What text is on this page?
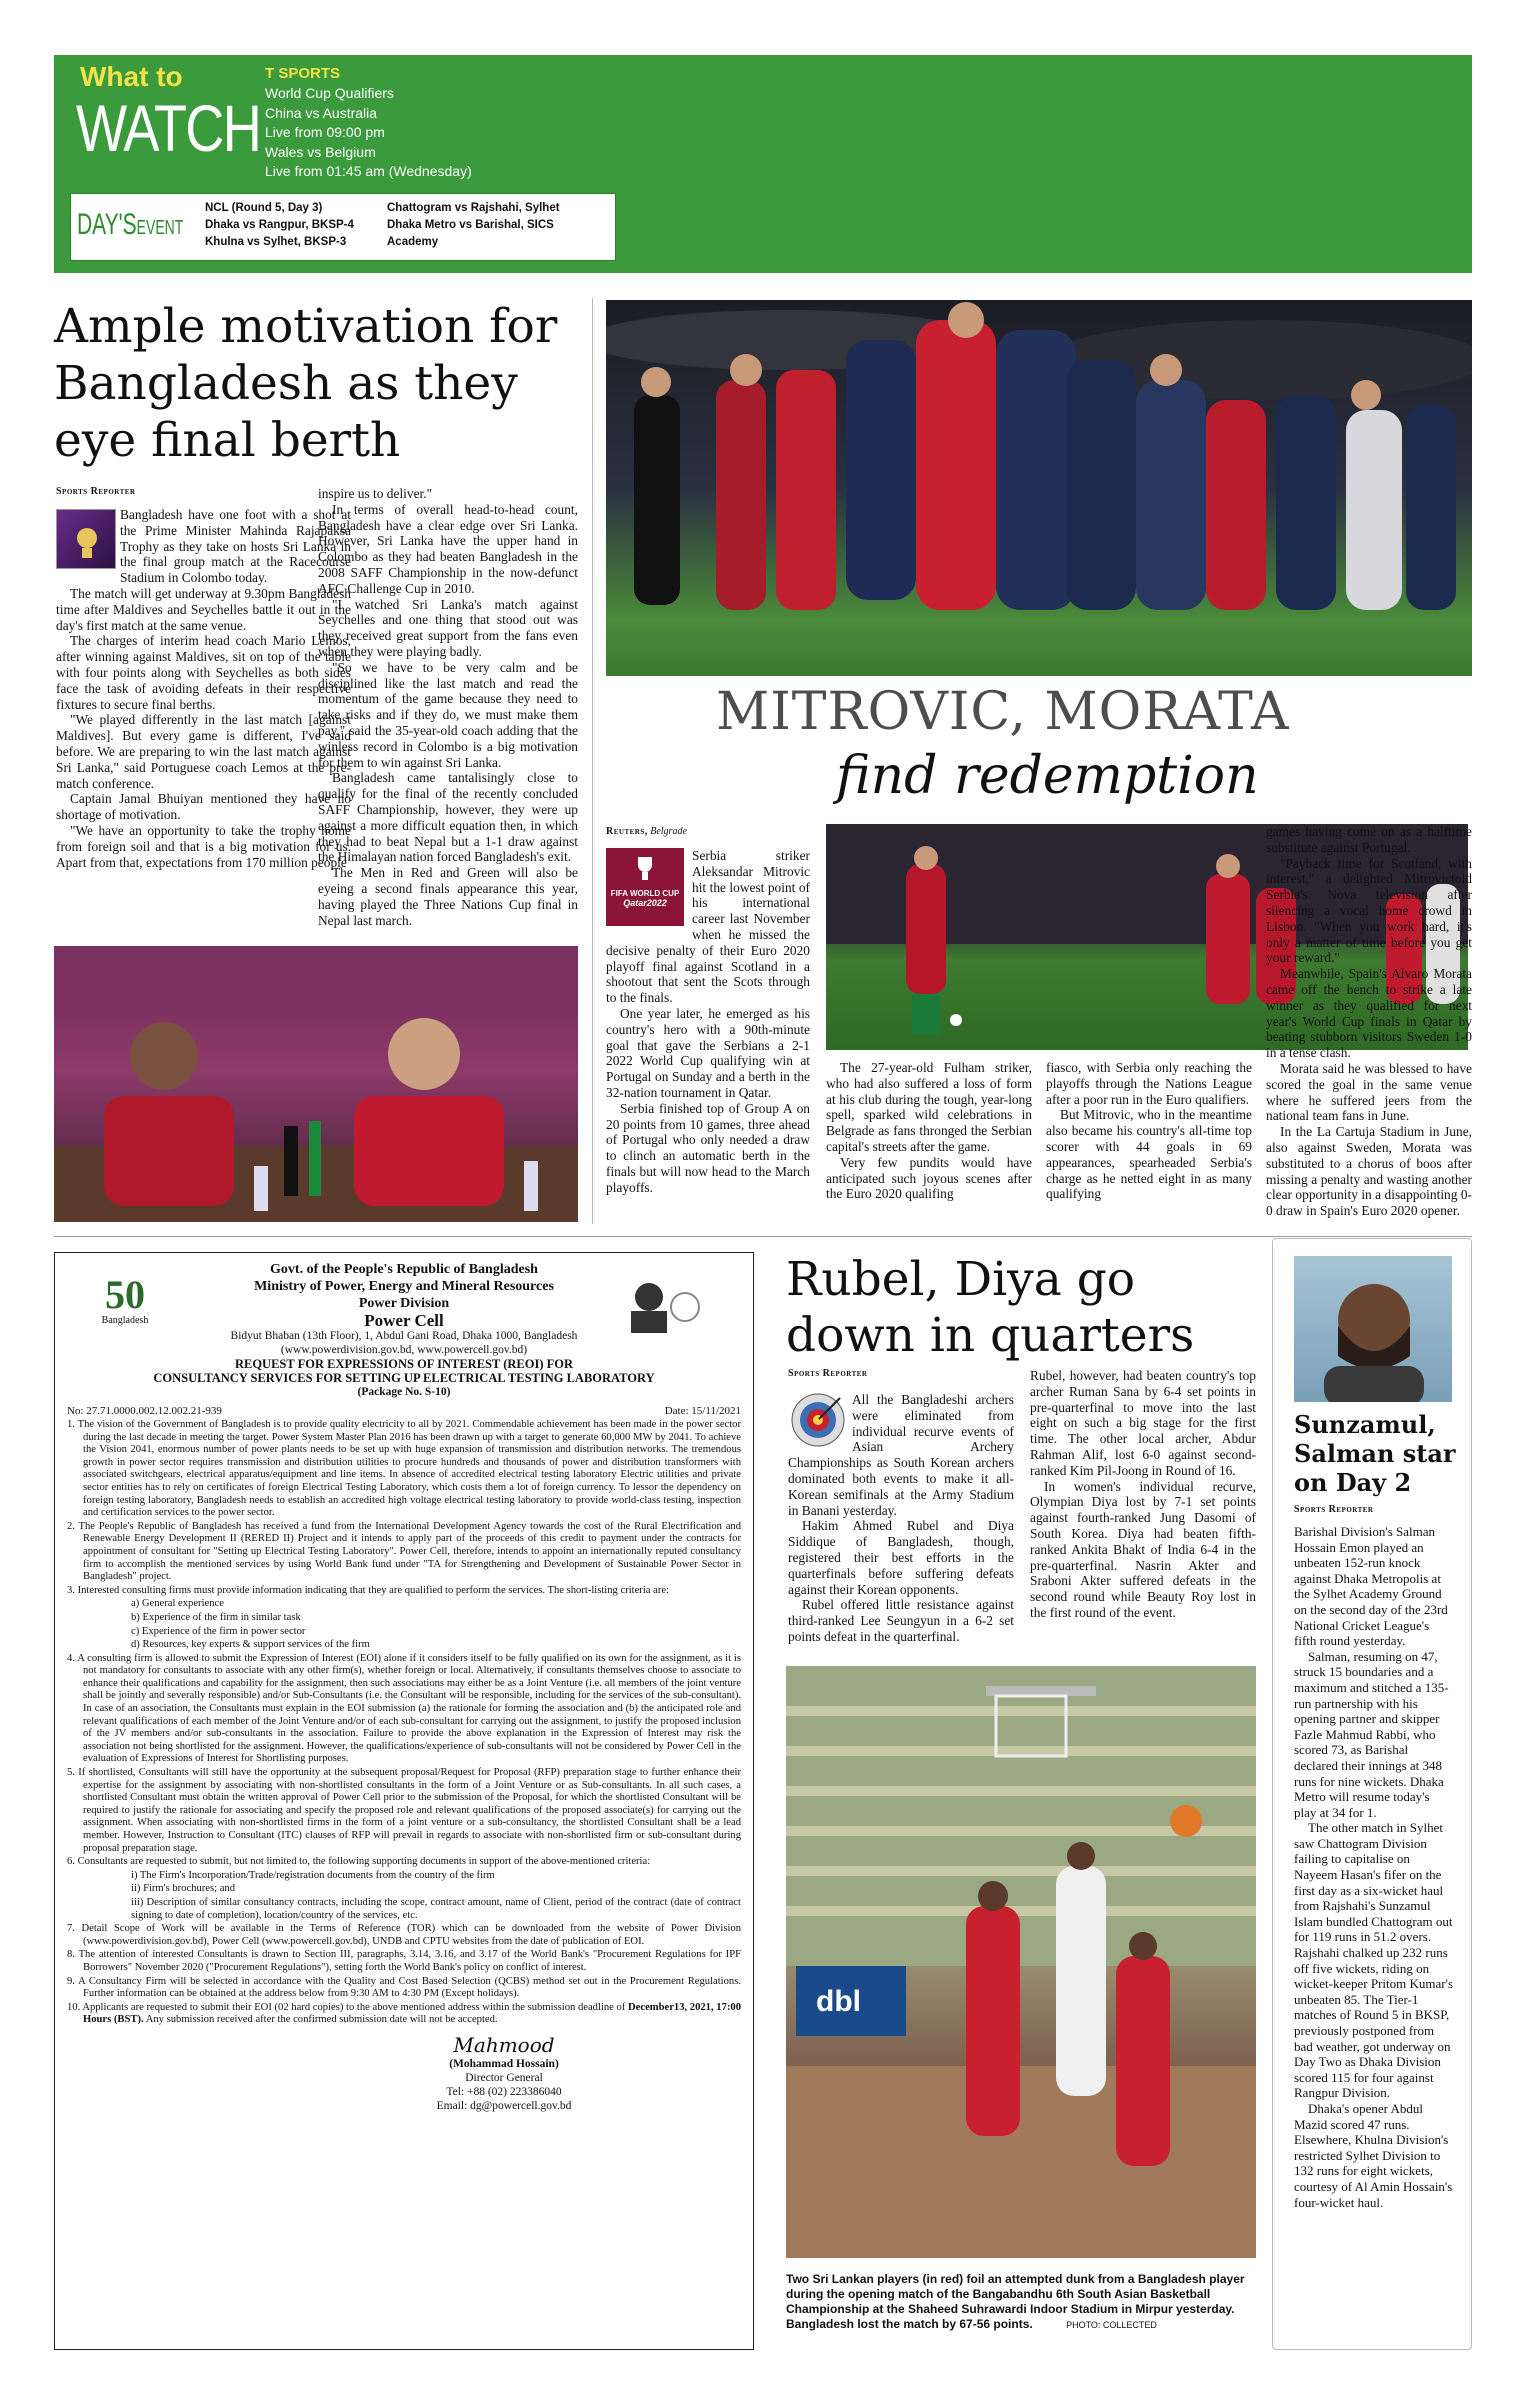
What to
WATCH
T SPORTS
World Cup Qualifiers
China vs Australia
Live from 09:00 pm
Wales vs Belgium
Live from 01:45 am (Wednesday)
DAY'SEVENT
NCL (Round 5, Day 3)
Dhaka vs Rangpur, BKSP-4
Khulna vs Sylhet, BKSP-3
Chattogram vs Rajshahi, Sylhet
Dhaka Metro vs Barishal, SICS
Academy
Ample motivation for Bangladesh as they eye final berth
Sports Reporter

Bangladesh have one foot with a shot at the Prime Minister Mahinda Rajapaksa Trophy as they take on hosts Sri Lanka in the final group match at the Racecourse Stadium in Colombo today.

The match will get underway at 9.30pm Bangladesh time after Maldives and Seychelles battle it out in the day's first match at the same venue.

The charges of interim head coach Mario Lemos, after winning against Maldives, sit on top of the table with four points along with Seychelles as both sides face the task of avoiding defeats in their respective fixtures to secure final berths.

"We played differently in the last match [against Maldives]. But every game is different, I've said before. We are preparing to win the last match against Sri Lanka," said Portuguese coach Lemos at the pre-match conference.

Captain Jamal Bhuiyan mentioned they have no shortage of motivation.

"We have an opportunity to take the trophy home from foreign soil and that is a big motivation for us. Apart from that, expectations from 170 million people

inspire us to deliver."

In terms of overall head-to-head count, Bangladesh have a clear edge over Sri Lanka. However, Sri Lanka have the upper hand in Colombo as they had beaten Bangladesh in the 2008 SAFF Championship in the now-defunct AFC Challenge Cup in 2010.

"I watched Sri Lanka's match against Seychelles and one thing that stood out was they received great support from the fans even when they were playing badly.

"So we have to be very calm and be disciplined like the last match and read the momentum of the game because they need to take risks and if they do, we must make them pay," said the 35-year-old coach adding that the winless record in Colombo is a big motivation for them to win against Sri Lanka.

Bangladesh came tantalisingly close to qualify for the final of the recently concluded SAFF Championship, however, they were up against a more difficult equation then, in which they had to beat Nepal but a 1-1 draw against the Himalayan nation forced Bangladesh's exit.

The Men in Red and Green will also be eyeing a second finals appearance this year, having played the Three Nations Cup final in Nepal last march.

MITROVIC, MORATA
find redemption
Reuters, Belgrade
FIFA WORLD CUP
Qatar2022

Serbia striker Aleksandar Mitrovic hit the lowest point of his international career last November when he missed the decisive penalty of their Euro 2020 playoff final against Scotland in a shootout that sent the Scots through to the finals.

One year later, he emerged as his country's hero with a 90th-minute goal that gave the Serbians a 2-1 2022 World Cup qualifying win at Portugal on Sunday and a berth in the 32-nation tournament in Qatar.

Serbia finished top of Group A on 20 points from 10 games, three ahead of Portugal who only needed a draw to clinch an automatic berth in the finals but will now head to the March playoffs.

The 27-year-old Fulham striker, who had also suffered a loss of form at his club during the tough, year-long spell, sparked wild celebrations in Belgrade as fans thronged the Serbian capital's streets after the game.

Very few pundits would have anticipated such joyous scenes after the Euro 2020 qualifing

fiasco, with Serbia only reaching the playoffs through the Nations League after a poor run in the Euro qualifiers.

But Mitrovic, who in the meantime also became his country's all-time top scorer with 44 goals in 69 appearances, spearheaded Serbia's charge as he netted eight in as many qualifying

games having come on as a halftime substitute against Portugal.

"Payback time for Scotland, with interest," a delighted Mitrovictold Serbia's Nova television after silencing a vocal home crowd in Lisbon. "When you work hard, it's only a matter of time before you get your reward."

Meanwhile, Spain's Alvaro Morata came off the bench to strike a late winner as they qualified for next year's World Cup finals in Qatar by beating stubborn visitors Sweden 1-0 in a tense clash.

Morata said he was blessed to have scored the goal in the same venue where he suffered jeers from the national team fans in June.

In the La Cartuja Stadium in June, also against Sweden, Morata was substituted to a chorus of boos after missing a penalty and wasting another clear opportunity in a disappointing 0-0 draw in Spain's Euro 2020 opener.

50
Bangladesh
Govt. of the People's Republic of Bangladesh
Ministry of Power, Energy and Mineral Resources
Power Division
Power Cell
Bidyut Bhaban (13th Floor), 1, Abdul Gani Road, Dhaka 1000, Bangladesh
(www.powerdivision.gov.bd, www.powercell.gov.bd)
REQUEST FOR EXPRESSIONS OF INTEREST (REOI) FOR
CONSULTANCY SERVICES FOR SETTING UP ELECTRICAL TESTING LABORATORY
(Package No. S-10)
No: 27.71.0000.002.12.002.21-939	Date: 15/11/2021

1. The vision of the Government of Bangladesh is to provide quality electricity to all by 2021. Commendable achievement has been made in the power sector during the last decade in meeting the target. Power System Master Plan 2016 has been drawn up with a target to generate 60,000 MW by 2041. To achieve the Vision 2041, enormous number of power plants needs to be set up with huge expansion of transmission and distribution networks. The tremendous growth in power sector requires transmission and distribution utilities to procure hundreds and thousands of power and distribution transformers with associated switchgears, electrical apparatus/equipment and line items. In absence of accredited electrical testing laboratory Electric utilities and private sector entities has to rely on certificates of foreign Electrical Testing Laboratory, which costs them a lot of foreign currency. To lessor the dependency on foreign testing laboratory, Bangladesh needs to establish an accredited high voltage electrical testing laboratory to provide world-class testing, inspection and certification services to the power sector.

2. The People's Republic of Bangladesh has received a fund from the International Development Agency towards the cost of the Rural Electrification and Renewable Energy Development II (RERED II) Project and it intends to apply part of the proceeds of this credit to payment under the contracts for appointment of consultant for "Setting up Electrical Testing Laboratory". Power Cell, therefore, intends to appoint an internationally reputed consultancy firm to accomplish the mentioned services by using World Bank fund under "TA for Strengthening and Development of Sustainable Power Sector in Bangladesh" project.

3. Interested consulting firms must provide information indicating that they are qualified to perform the services. The short-listing criteria are:

a) General experience

b) Experience of the firm in similar task

c) Experience of the firm in power sector

d) Resources, key experts & support services of the firm

4. A consulting firm is allowed to submit the Expression of Interest (EOI) alone if it considers itself to be fully qualified on its own for the assignment, as it is not mandatory for consultants to associate with any other firm(s), whether foreign or local. Alternatively, if consultants themselves choose to associate to enhance their qualifications and capability for the assignment, then such associations may either be as a Joint Venture (i.e. all members of the joint venture shall be jointly and severally responsible) and/or Sub-Consultants (i.e. the Consultant will be responsible, including for the services of the sub-consultant). In case of an association, the Consultants must explain in the EOI submission (a) the rationale for forming the association and (b) the anticipated role and relevant qualifications of each member of the Joint Venture and/or of each sub-consultant for carrying out the assignment, to justify the proposed inclusion of the JV members and/or sub-consultants in the association. Failure to provide the above explanation in the Expression of Interest may risk the association not being shortlisted for the assignment. However, the qualifications/experience of sub-consultants will not be considered by Power Cell in the evaluation of Expressions of Interest for Shortlisting purposes.

5. If shortlisted, Consultants will still have the opportunity at the subsequent proposal/Request for Proposal (RFP) preparation stage to further enhance their expertise for the assignment by associating with non-shortlisted consultants in the form of a Joint Venture or as Sub-consultants. In all such cases, a shortlisted Consultant must obtain the written approval of Power Cell prior to the submission of the Proposal, for which the shortlisted Consultant will be required to justify the rationale for associating and specify the proposed role and relevant qualifications of the proposed associate(s) for carrying out the assignment. When associating with non-shortlisted firms in the form of a joint venture or a sub-consultancy, the shortlisted Consultant shall be a lead member. However, Instruction to Consultant (ITC) clauses of RFP will prevail in regards to associate with non-shortlisted firm or sub-consultant during proposal preparation stage.

6. Consultants are requested to submit, but not limited to, the following supporting documents in support of the above-mentioned criteria:

i) The Firm's Incorporation/Trade/registration documents from the country of the firm

ii) Firm's brochures; and

iii) Description of similar consultancy contracts, including the scope, contract amount, name of Client, period of the contract (date of contract signing to date of completion), location/country of the services, etc.

7. Detail Scope of Work will be available in the Terms of Reference (TOR) which can be downloaded from the website of Power Division (www.powerdivision.gov.bd), Power Cell (www.powercell.gov.bd), UNDB and CPTU websites from the date of publication of EOI.

8. The attention of interested Consultants is drawn to Section III, paragraphs, 3.14, 3.16, and 3.17 of the World Bank's "Procurement Regulations for IPF Borrowers" November 2020 ("Procurement Regulations"), setting forth the World Bank's policy on conflict of interest.

9. A Consultancy Firm will be selected in accordance with the Quality and Cost Based Selection (QCBS) method set out in the Procurement Regulations. Further information can be obtained at the address below from 9:30 AM to 4:30 PM (Except holidays).

10. Applicants are requested to submit their EOI (02 hard copies) to the above mentioned address within the submission deadline of December13, 2021, 17:00 Hours (BST). Any submission received after the confirmed submission date will not be accepted.

Mahmood
(Mohammad Hossain)
Director General
Tel: +88 (02) 223386040
Email: dg@powercell.gov.bd
Rubel, Diya go down in quarters
Sports Reporter

All the Bangladeshi archers were eliminated from individual recurve events of Asian Archery Championships as South Korean archers dominated both events to make it all-Korean semifinals at the Army Stadium in Banani yesterday.

Hakim Ahmed Rubel and Diya Siddique of Bangladesh, though, registered their best efforts in the quarterfinals before suffering defeats against their Korean opponents.

Rubel offered little resistance against third-ranked Lee Seungyun in a 6-2 set points defeat in the quarterfinal.

Rubel, however, had beaten country's top archer Ruman Sana by 6-4 set points in pre-quarterfinal to move into the last eight on such a big stage for the first time. The other local archer, Abdur Rahman Alif, lost 6-0 against second-ranked Kim Pil-Joong in Round of 16.

In women's individual recurve, Olympian Diya lost by 7-1 set points against fourth-ranked Jung Dasomi of South Korea. Diya had beaten fifth-ranked Ankita Bhakt of India 6-4 in the pre-quarterfinal. Nasrin Akter and Sraboni Akter suffered defeats in the second round while Beauty Roy lost in the first round of the event.

dbl
Two Sri Lankan players (in red) foil an attempted dunk from a Bangladesh player during the opening match of the Bangabandhu 6th South Asian Basketball Championship at the Shaheed Suhrawardi Indoor Stadium in Mirpur yesterday. Bangladesh lost the match by 67-56 points.	PHOTO: COLLECTED
Sunzamul, Salman star on Day 2
Sports Reporter

Barishal Division's Salman Hossain Emon played an unbeaten 152-run knock against Dhaka Metropolis at the Sylhet Academy Ground on the second day of the 23rd National Cricket League's fifth round yesterday.

Salman, resuming on 47, struck 15 boundaries and a maximum and stitched a 135-run partnership with his opening partner and skipper Fazle Mahmud Rabbi, who scored 73, as Barishal declared their innings at 348 runs for nine wickets. Dhaka Metro will resume today's play at 34 for 1.

The other match in Sylhet saw Chattogram Division failing to capitalise on Nayeem Hasan's fifer on the first day as a six-wicket haul from Rajshahi's Sunzamul Islam bundled Chattogram out for 119 runs in 51.2 overs. Rajshahi chalked up 232 runs off five wickets, riding on wicket-keeper Pritom Kumar's unbeaten 85. The Tier-1 matches of Round 5 in BKSP, previously postponed from bad weather, got underway on Day Two as Dhaka Division scored 115 for four against Rangpur Division.

Dhaka's opener Abdul Mazid scored 47 runs. Elsewhere, Khulna Division's restricted Sylhet Division to 132 runs for eight wickets, courtesy of Al Amin Hossain's four-wicket haul.
